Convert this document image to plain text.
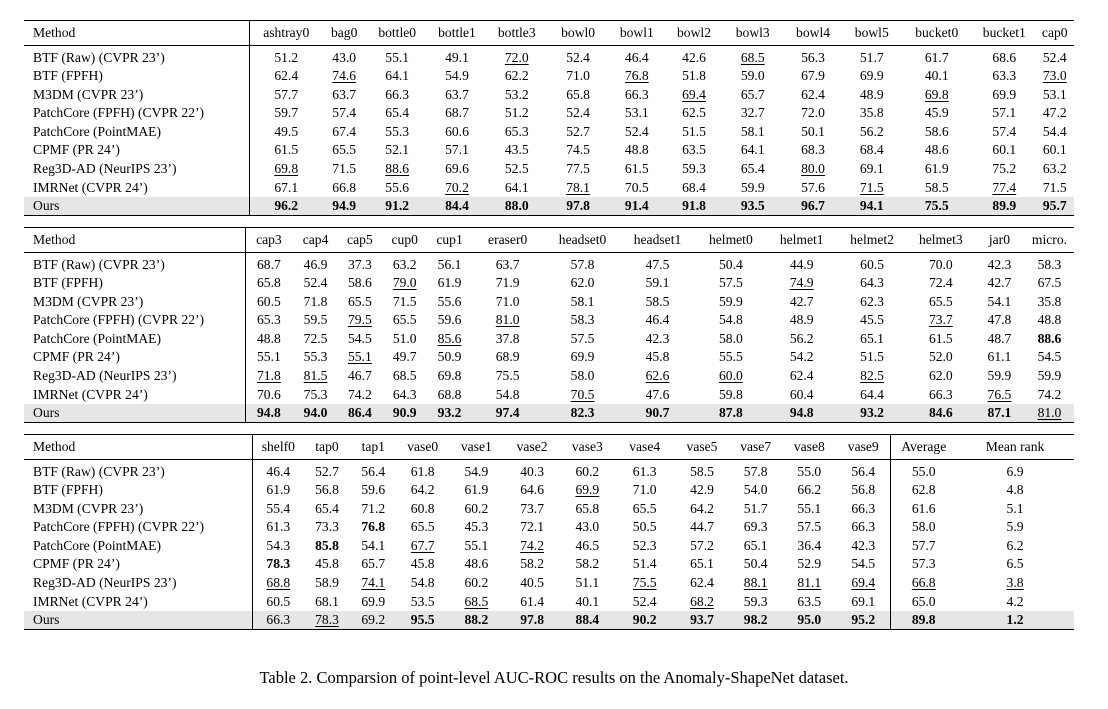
Method	ashtray0	bag0	bottle0	bottle1	bottle3	bowl0	bowl1	bowl2	bowl3	bowl4	bowl5	bucket0	bucket1	cap0
BTF (Raw) (CVPR 23’)	51.2	43.0	55.1	49.1	72.0	52.4	46.4	42.6	68.5	56.3	51.7	61.7	68.6	52.4
BTF (FPFH)	62.4	74.6	64.1	54.9	62.2	71.0	76.8	51.8	59.0	67.9	69.9	40.1	63.3	73.0
M3DM (CVPR 23’)	57.7	63.7	66.3	63.7	53.2	65.8	66.3	69.4	65.7	62.4	48.9	69.8	69.9	53.1
PatchCore (FPFH) (CVPR 22’)	59.7	57.4	65.4	68.7	51.2	52.4	53.1	62.5	32.7	72.0	35.8	45.9	57.1	47.2
PatchCore (PointMAE)	49.5	67.4	55.3	60.6	65.3	52.7	52.4	51.5	58.1	50.1	56.2	58.6	57.4	54.4
CPMF (PR 24’)	61.5	65.5	52.1	57.1	43.5	74.5	48.8	63.5	64.1	68.3	68.4	48.6	60.1	60.1
Reg3D-AD (NeurIPS 23’)	69.8	71.5	88.6	69.6	52.5	77.5	61.5	59.3	65.4	80.0	69.1	61.9	75.2	63.2
IMRNet (CVPR 24’)	67.1	66.8	55.6	70.2	64.1	78.1	70.5	68.4	59.9	57.6	71.5	58.5	77.4	71.5
Ours	96.2	94.9	91.2	84.4	88.0	97.8	91.4	91.8	93.5	96.7	94.1	75.5	89.9	95.7
Method	cap3	cap4	cap5	cup0	cup1	eraser0	headset0	headset1	helmet0	helmet1	helmet2	helmet3	jar0	micro.
BTF (Raw) (CVPR 23’)	68.7	46.9	37.3	63.2	56.1	63.7	57.8	47.5	50.4	44.9	60.5	70.0	42.3	58.3
BTF (FPFH)	65.8	52.4	58.6	79.0	61.9	71.9	62.0	59.1	57.5	74.9	64.3	72.4	42.7	67.5
M3DM (CVPR 23’)	60.5	71.8	65.5	71.5	55.6	71.0	58.1	58.5	59.9	42.7	62.3	65.5	54.1	35.8
PatchCore (FPFH) (CVPR 22’)	65.3	59.5	79.5	65.5	59.6	81.0	58.3	46.4	54.8	48.9	45.5	73.7	47.8	48.8
PatchCore (PointMAE)	48.8	72.5	54.5	51.0	85.6	37.8	57.5	42.3	58.0	56.2	65.1	61.5	48.7	88.6
CPMF (PR 24’)	55.1	55.3	55.1	49.7	50.9	68.9	69.9	45.8	55.5	54.2	51.5	52.0	61.1	54.5
Reg3D-AD (NeurIPS 23’)	71.8	81.5	46.7	68.5	69.8	75.5	58.0	62.6	60.0	62.4	82.5	62.0	59.9	59.9
IMRNet (CVPR 24’)	70.6	75.3	74.2	64.3	68.8	54.8	70.5	47.6	59.8	60.4	64.4	66.3	76.5	74.2
Ours	94.8	94.0	86.4	90.9	93.2	97.4	82.3	90.7	87.8	94.8	93.2	84.6	87.1	81.0
Method	shelf0	tap0	tap1	vase0	vase1	vase2	vase3	vase4	vase5	vase7	vase8	vase9	Average	Mean rank
BTF (Raw) (CVPR 23’)	46.4	52.7	56.4	61.8	54.9	40.3	60.2	61.3	58.5	57.8	55.0	56.4	55.0	6.9
BTF (FPFH)	61.9	56.8	59.6	64.2	61.9	64.6	69.9	71.0	42.9	54.0	66.2	56.8	62.8	4.8
M3DM (CVPR 23’)	55.4	65.4	71.2	60.8	60.2	73.7	65.8	65.5	64.2	51.7	55.1	66.3	61.6	5.1
PatchCore (FPFH) (CVPR 22’)	61.3	73.3	76.8	65.5	45.3	72.1	43.0	50.5	44.7	69.3	57.5	66.3	58.0	5.9
PatchCore (PointMAE)	54.3	85.8	54.1	67.7	55.1	74.2	46.5	52.3	57.2	65.1	36.4	42.3	57.7	6.2
CPMF (PR 24’)	78.3	45.8	65.7	45.8	48.6	58.2	58.2	51.4	65.1	50.4	52.9	54.5	57.3	6.5
Reg3D-AD (NeurIPS 23’)	68.8	58.9	74.1	54.8	60.2	40.5	51.1	75.5	62.4	88.1	81.1	69.4	66.8	3.8
IMRNet (CVPR 24’)	60.5	68.1	69.9	53.5	68.5	61.4	40.1	52.4	68.2	59.3	63.5	69.1	65.0	4.2
Ours	66.3	78.3	69.2	95.5	88.2	97.8	88.4	90.2	93.7	98.2	95.0	95.2	89.8	1.2
Table 2. Comparsion of point-level AUC-ROC results on the Anomaly-ShapeNet dataset.
